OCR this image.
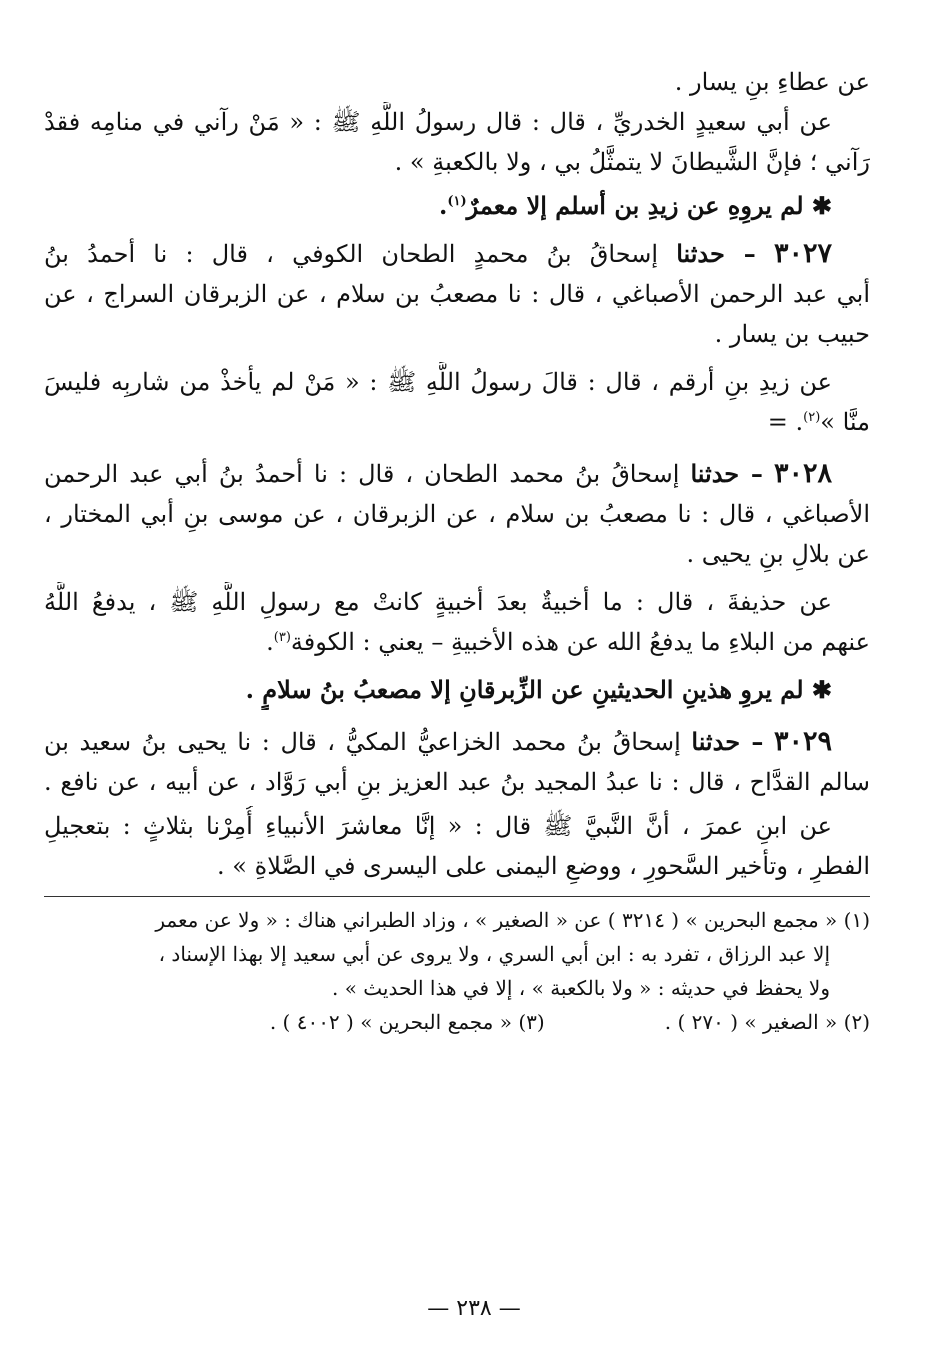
عن عطاءِ بنِ يسار .
عن أبي سعيدٍ الخدريِّ ، قال : قال رسولُ اللَّهِ ﷺ : « مَنْ رآني في منامِه فقدْ
رَآني ؛ فإنَّ الشَّيطانَ لا يتمثَّلُ بي ، ولا بالكعبةِ » .
✱ لم يروِهِ عن زيدِ بن أسلم إلا معمرٌ$^{(١)}$.
٣٠٢٧ – حدثنا إسحاقُ بنُ محمدٍ الطحان الكوفي ، قال : نا أحمدُ بنُ
أبي عبد الرحمن الأصباغي ، قال : نا مصعبُ بن سلام ، عن الزبرقان السراج ، عن
حبيب بن يسار .
عن زيدِ بنِ أرقم ، قال : قالَ رسولُ اللَّهِ ﷺ : « مَنْ لم يأخذْ من شاربِه فليسَ
منَّا »$^{(٢)}$. =
٣٠٢٨ – حدثنا إسحاقُ بنُ محمد الطحان ، قال : نا أحمدُ بنُ أبي عبد الرحمن
الأصباغي ، قال : نا مصعبُ بن سلام ، عن الزبرقان ، عن موسى بنِ أبي المختار ،
عن بلالِ بنِ يحيى .
عن حذيفةَ ، قال : ما أخبيةٌ بعدَ أخبيةٍ كانتْ مع رسولِ اللَّهِ ﷺ ، يدفعُ اللَّهُ
عنهم من البلاءِ ما يدفعُ الله عن هذه الأخبيةِ – يعني : الكوفة$^{(٣)}$.
✱ لم يروِ هذينِ الحديثينِ عن الزِّبرقانِ إلا مصعبُ بنُ سلامٍ .
٣٠٢٩ – حدثنا إسحاقُ بنُ محمد الخزاعيُّ المكيُّ ، قال : نا يحيى بنُ سعيد بن
سالم القدَّاح ، قال : نا عبدُ المجيد بنُ عبد العزيز بنِ أبي رَوَّاد ، عن أبيه ، عن نافع .
عن ابنِ عمرَ ، أنَّ النَّبيَّ ﷺ قال : « إنَّا معاشرَ الأنبياءِ أُمِرْنا بثلاثٍ : بتعجيلِ
الفطرِ ، وتأخير السَّحورِ ، ووضعِ اليمنى على اليسرى في الصَّلاةِ » .
(١) « مجمع البحرين » ( ٣٢١٤ ) عن « الصغير » ، وزاد الطبراني هناك : « ولا عن معمر
إلا عبد الرزاق ، تفرد به : ابن أبي السري ، ولا يروى عن أبي سعيد إلا بهذا الإسناد ،
ولا يحفظ في حديثه : « ولا بالكعبة » ، إلا في هذا الحديث » .
(٢) « الصغير » ( ٢٧٠ ) .
(٣) « مجمع البحرين » ( ٤٠٠٢ ) .
— ٢٣٨ —
